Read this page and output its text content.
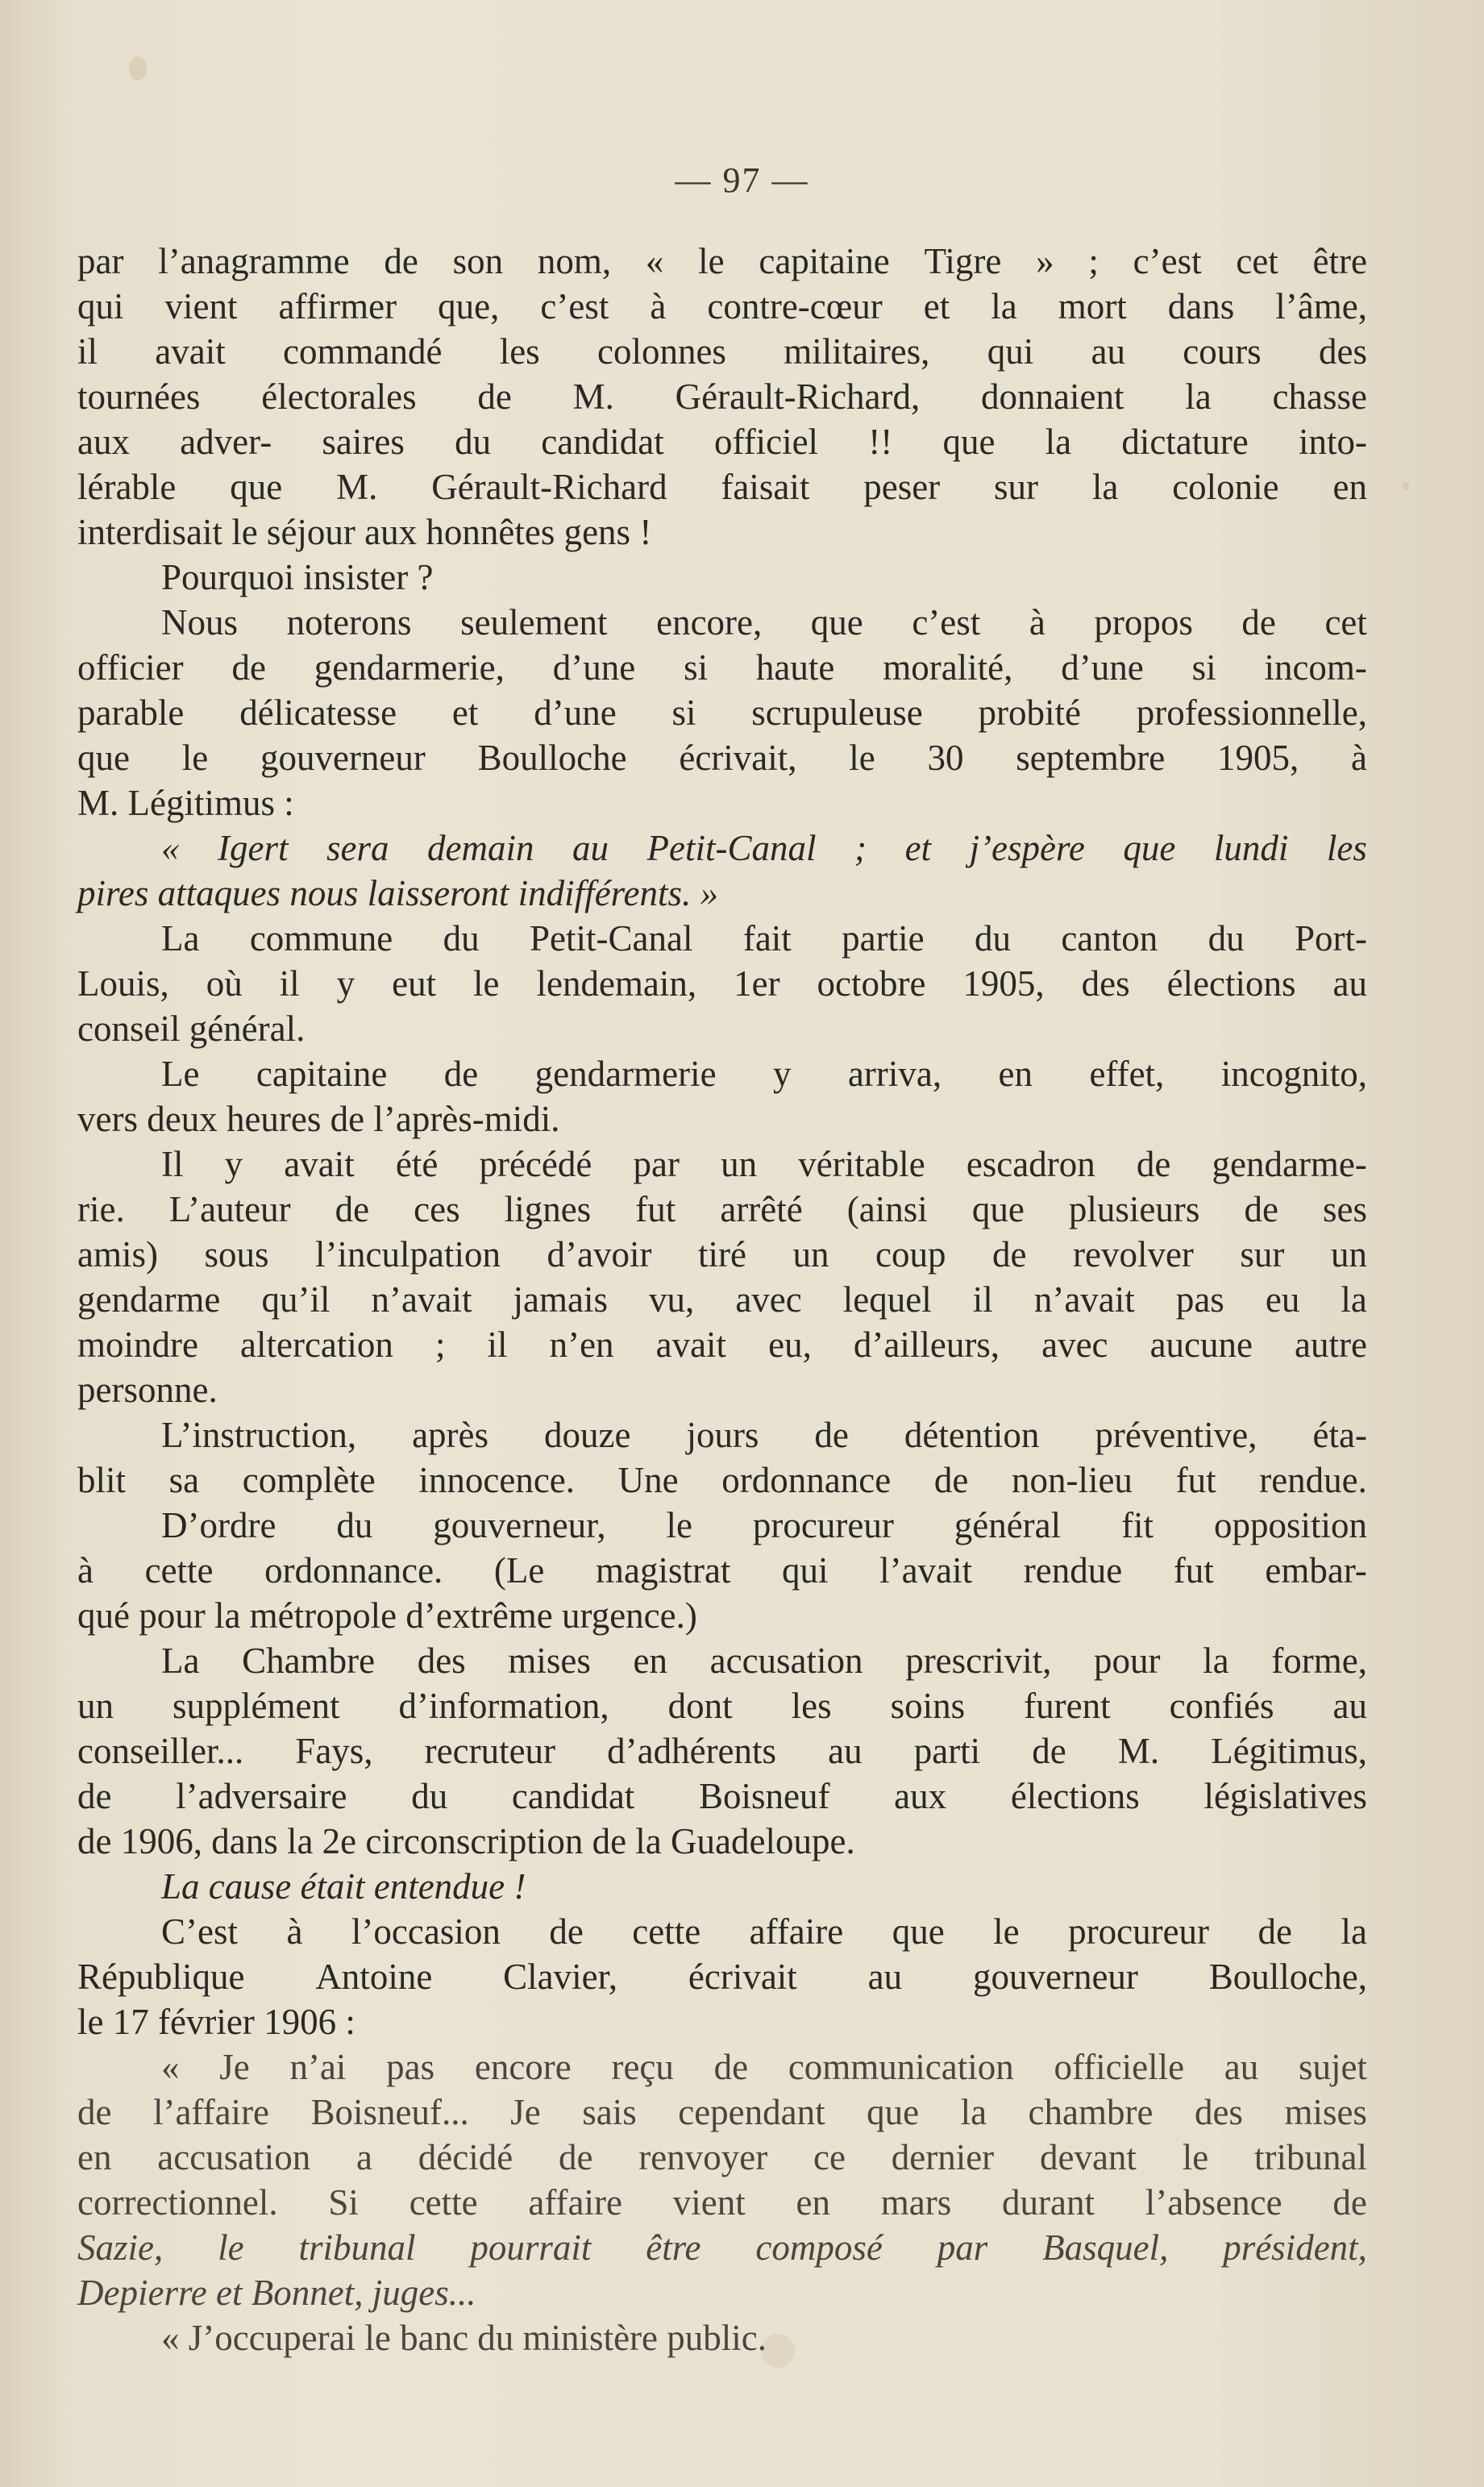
— 97 —
par l’anagramme de son nom, « le capitaine Tigre » ; c’est cet être
qui vient affirmer que, c’est à contre-cœur et la mort dans l’âme,
il avait commandé les colonnes militaires, qui au cours des
tournées électorales de M. Gérault-Richard, donnaient la chasse
aux adver- saires du candidat officiel !! que la dictature into-
lérable que M. Gérault-Richard faisait peser sur la colonie en
interdisait le séjour aux honnêtes gens !
Pourquoi insister ?
Nous noterons seulement encore, que c’est à propos de cet
officier de gendarmerie, d’une si haute moralité, d’une si incom-
parable délicatesse et d’une si scrupuleuse probité professionnelle,
que le gouverneur Boulloche écrivait, le 30 septembre 1905, à
M. Légitimus :
« Igert sera demain au Petit-Canal ; et j’espère que lundi les
pires attaques nous laisseront indifférents. »
La commune du Petit-Canal fait partie du canton du Port-
Louis, où il y eut le lendemain, 1er octobre 1905, des élections au
conseil général.
Le capitaine de gendarmerie y arriva, en effet, incognito,
vers deux heures de l’après-midi.
Il y avait été précédé par un véritable escadron de gendarme-
rie. L’auteur de ces lignes fut arrêté (ainsi que plusieurs de ses
amis) sous l’inculpation d’avoir tiré un coup de revolver sur un
gendarme qu’il n’avait jamais vu, avec lequel il n’avait pas eu la
moindre altercation ; il n’en avait eu, d’ailleurs, avec aucune autre
personne.
L’instruction, après douze jours de détention préventive, éta-
blit sa complète innocence. Une ordonnance de non-lieu fut rendue.
D’ordre du gouverneur, le procureur général fit opposition
à cette ordonnance. (Le magistrat qui l’avait rendue fut embar-
qué pour la métropole d’extrême urgence.)
La Chambre des mises en accusation prescrivit, pour la forme,
un supplément d’information, dont les soins furent confiés au
conseiller... Fays, recruteur d’adhérents au parti de M. Légitimus,
de l’adversaire du candidat Boisneuf aux élections législatives
de 1906, dans la 2e circonscription de la Guadeloupe.
La cause était entendue !
C’est à l’occasion de cette affaire que le procureur de la
République Antoine Clavier, écrivait au gouverneur Boulloche,
le 17 février 1906 :
« Je n’ai pas encore reçu de communication officielle au sujet
de l’affaire Boisneuf... Je sais cependant que la chambre des mises
en accusation a décidé de renvoyer ce dernier devant le tribunal
correctionnel. Si cette affaire vient en mars durant l’absence de
Sazie, le tribunal pourrait être composé par Basquel, président,
Depierre et Bonnet, juges...
« J’occuperai le banc du ministère public.
